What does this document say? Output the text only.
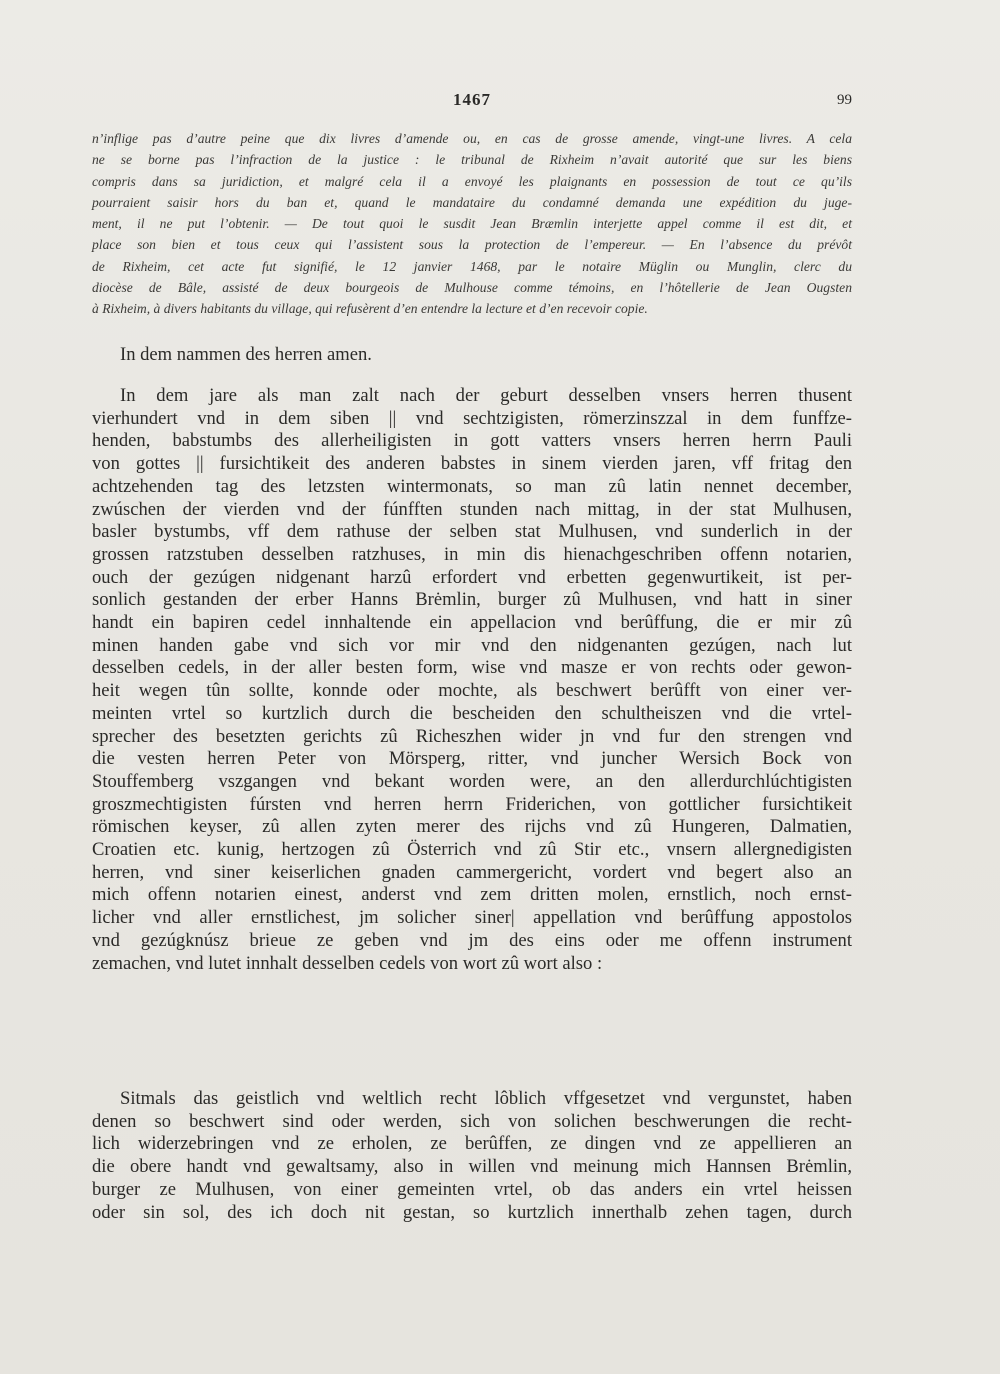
1467	99
n’inflige pas d’autre peine que dix livres d’amende ou, en cas de grosse amende, vingt-une livres. A cela
ne se borne pas l’infraction de la justice : le tribunal de Rixheim n’avait autorité que sur les biens
compris dans sa juridiction, et malgré cela il a envoyé les plaignants en possession de tout ce qu’ils
pourraient saisir hors du ban et, quand le mandataire du condamné demanda une expédition du juge-
ment, il ne put l’obtenir. — De tout quoi le susdit Jean Bræmlin interjette appel comme il est dit, et
place son bien et tous ceux qui l’assistent sous la protection de l’empereur. — En l’absence du prévôt
de Rixheim, cet acte fut signifié, le 12 janvier 1468, par le notaire Müglin ou Munglin, clerc du
diocèse de Bâle, assisté de deux bourgeois de Mulhouse comme témoins, en l’hôtellerie de Jean Ougsten
à Rixheim, à divers habitants du village, qui refusèrent d’en entendre la lecture et d’en recevoir copie.
In dem nammen des herren amen.
In dem jare als man zalt nach der geburt desselben vnsers herren thusent
vierhundert vnd in dem siben || vnd sechtzigisten, römerzinszzal in dem funffze-
henden, babstumbs des allerheiligisten in gott vatters vnsers herren herrn Pauli
von gottes || fursichtikeit des anderen babstes in sinem vierden jaren, vff fritag den
achtzehenden tag des letzsten wintermonats, so man zû latin nennet december,
zwúschen der vierden vnd der fúnfften stunden nach mittag, in der stat Mulhusen,
basler bystumbs, vff dem rathuse der selben stat Mulhusen, vnd sunderlich in der
grossen ratzstuben desselben ratzhuses, in min dis hienachgeschriben offenn notarien,
ouch der gezúgen nidgenant harzû erfordert vnd erbetten gegenwurtikeit, ist per-
sonlich gestanden der erber Hanns Brėmlin, burger zû Mulhusen, vnd hatt in siner
handt ein bapiren cedel innhaltende ein appellacion vnd berûffung, die er mir zû
minen handen gabe vnd sich vor mir vnd den nidgenanten gezúgen, nach lut
desselben cedels, in der aller besten form, wise vnd masze er von rechts oder gewon-
heit wegen tûn sollte, konnde oder mochte, als beschwert berûfft von einer ver-
meinten vrtel so kurtzlich durch die bescheiden den schultheiszen vnd die vrtel-
sprecher des besetzten gerichts zû Richeszhen wider jn vnd fur den strengen vnd
die vesten herren Peter von Mörsperg, ritter, vnd juncher Wersich Bock von
Stouffemberg vszgangen vnd bekant worden were, an den allerdurchlúchtigisten
groszmechtigisten fúrsten vnd herren herrn Friderichen, von gottlicher fursichtikeit
römischen keyser, zû allen zyten merer des rijchs vnd zû Hungeren, Dalmatien,
Croatien etc. kunig, hertzogen zû Österrich vnd zû Stir etc., vnsern allergnedigisten
herren, vnd siner keiserlichen gnaden cammergericht, vordert vnd begert also an
mich offenn notarien einest, anderst vnd zem dritten molen, ernstlich, noch ernst-
licher vnd aller ernstlichest, jm solicher siner| appellation vnd berûffung appostolos
vnd gezúgknúsz brieue ze geben vnd jm des eins oder me offenn instrument
zemachen, vnd lutet innhalt desselben cedels von wort zû wort also :
Sitmals das geistlich vnd weltlich recht lôblich vffgesetzet vnd vergunstet, haben
denen so beschwert sind oder werden, sich von solichen beschwerungen die recht-
lich widerzebringen vnd ze erholen, ze berûffen, ze dingen vnd ze appellieren an
die obere handt vnd gewaltsamy, also in willen vnd meinung mich Hannsen Brėmlin,
burger ze Mulhusen, von einer gemeinten vrtel, ob das anders ein vrtel heissen
oder sin sol, des ich doch nit gestan, so kurtzlich innerthalb zehen tagen, durch
